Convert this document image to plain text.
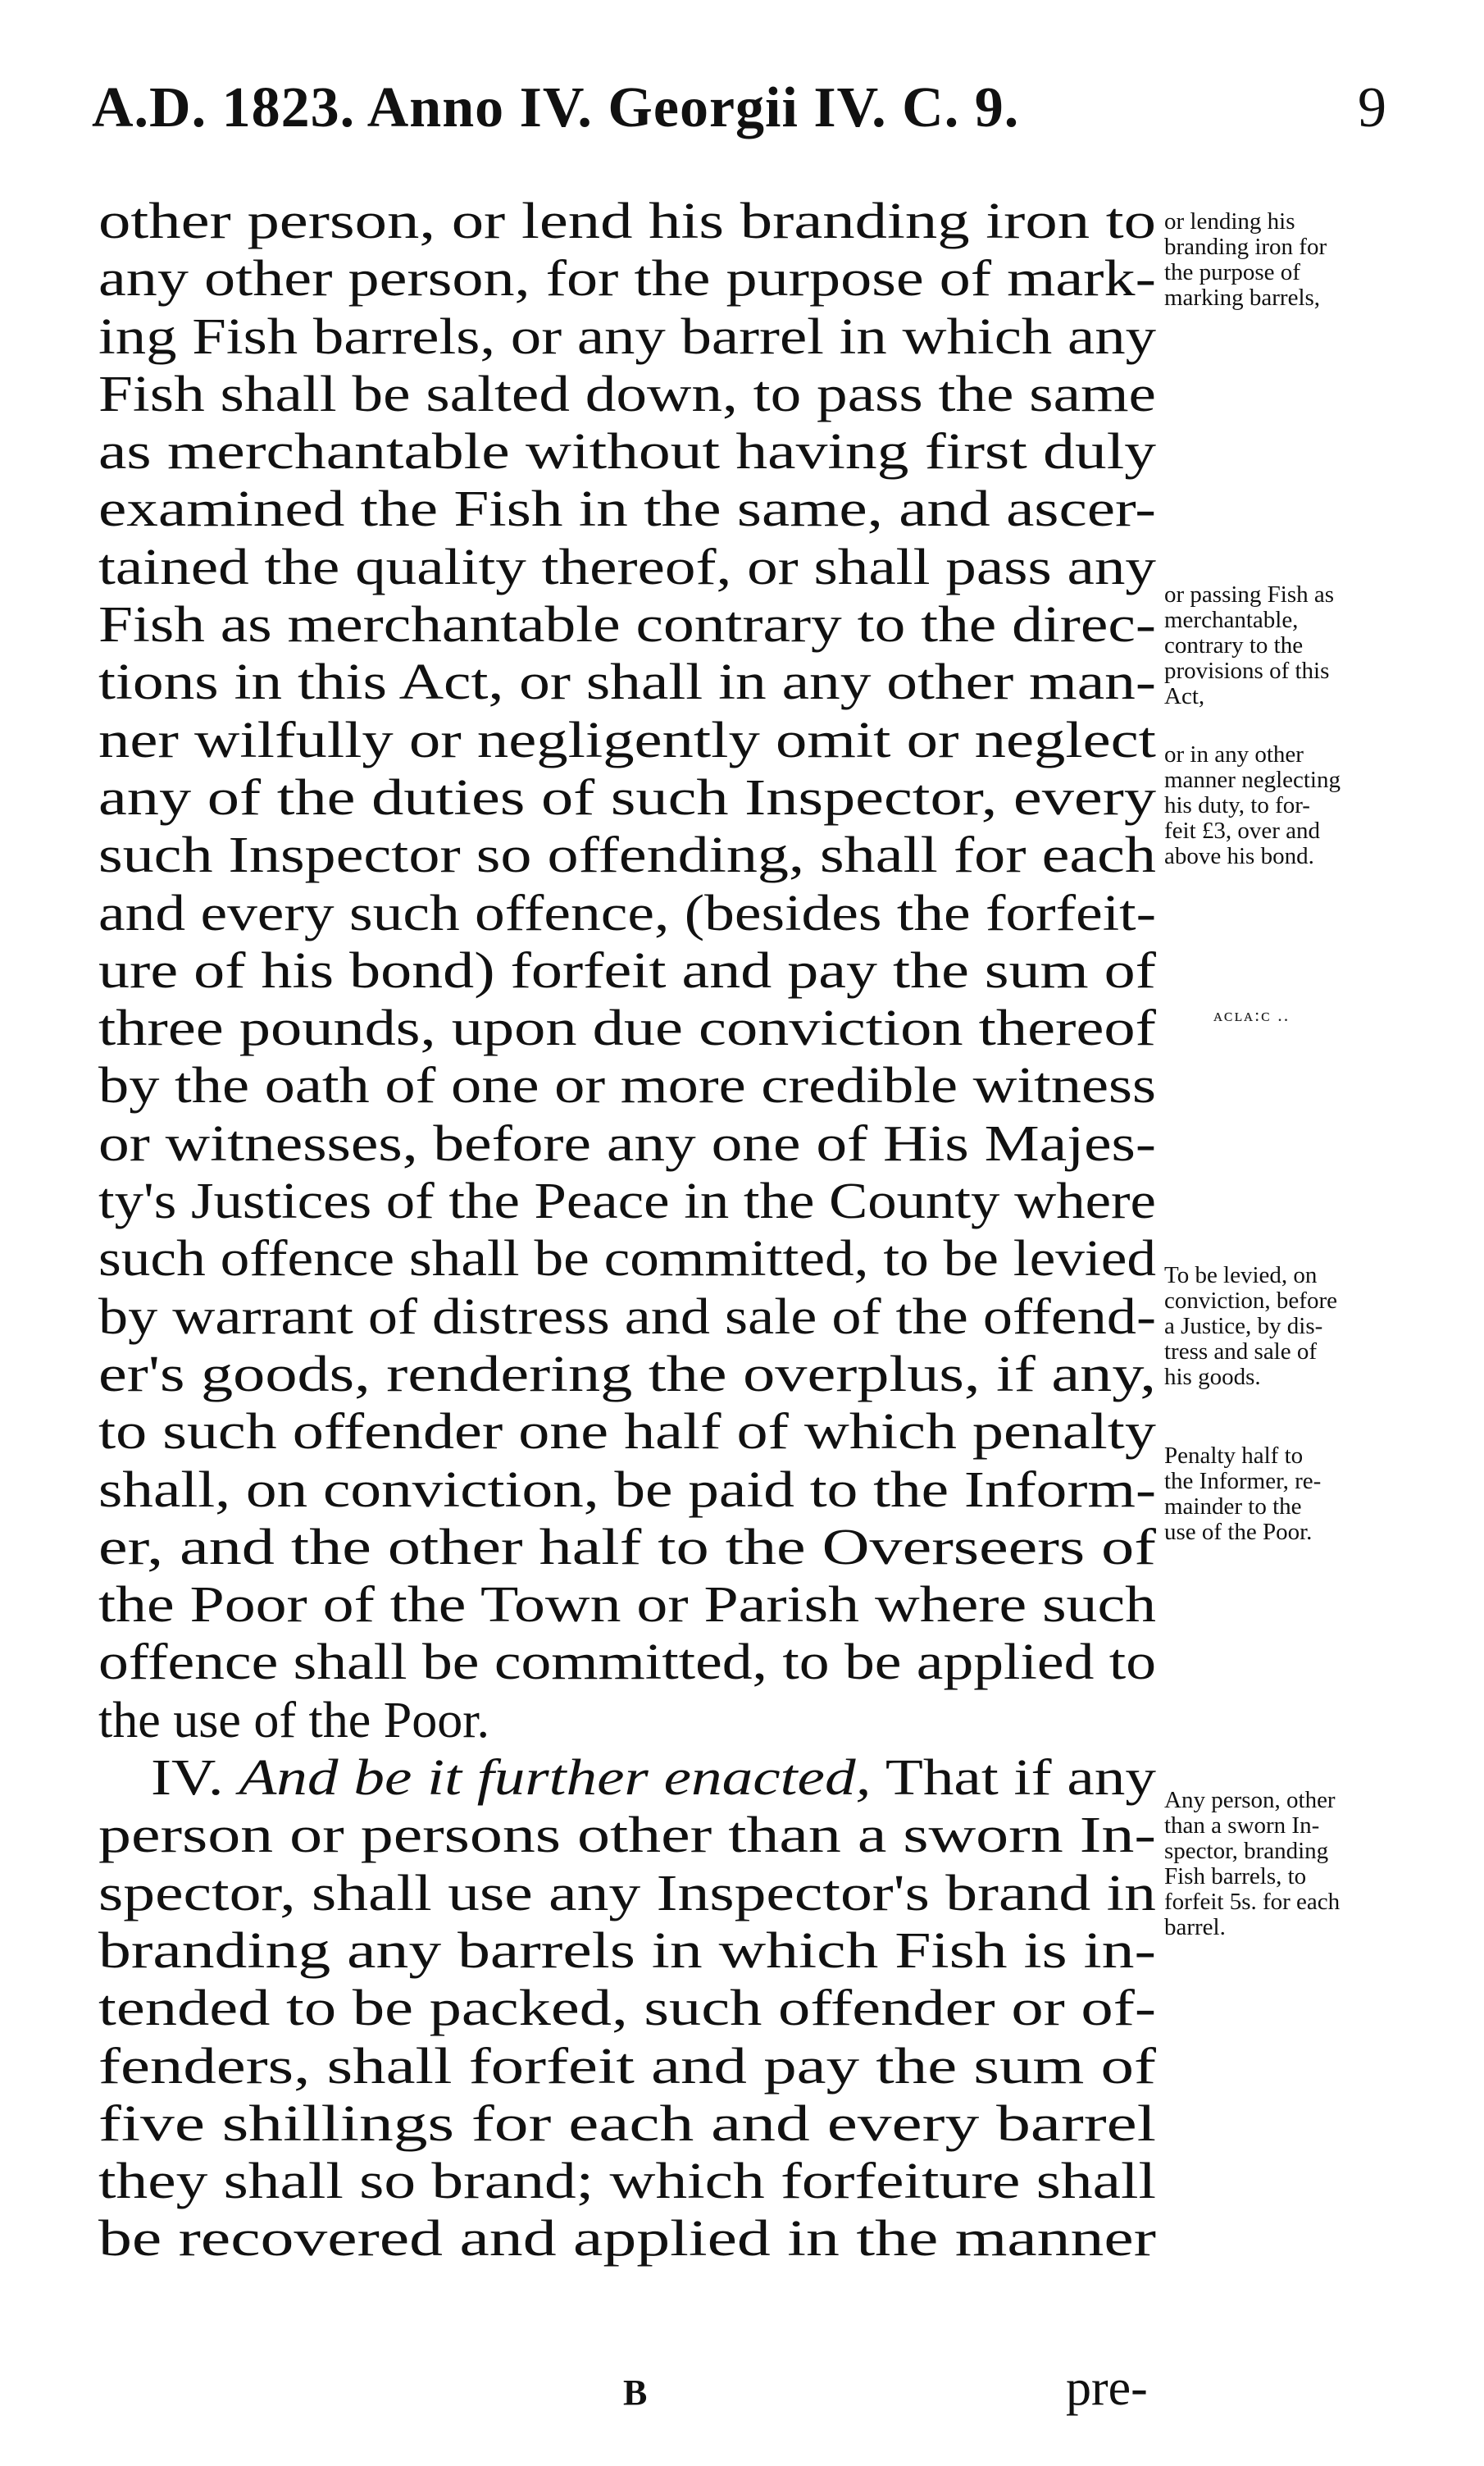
A.D. 1823. Anno IV. Georgii IV. C. 9.	9
other person, or lend his branding iron to
any other person, for the purpose of mark-
ing Fish barrels, or any barrel in which any
Fish shall be salted down, to pass the same
as merchantable without having first duly
examined the Fish in the same, and ascer-
tained the quality thereof, or shall pass any
Fish as merchantable contrary to the direc-
tions in this Act, or shall in any other man-
ner wilfully or negligently omit or neglect
any of the duties of such Inspector, every
such Inspector so offending, shall for each
and every such offence, (besides the forfeit-
ure of his bond) forfeit and pay the sum of
three pounds, upon due conviction thereof
by the oath of one or more credible witness
or witnesses, before any one of His Majes-
ty's Justices of the Peace in the County where
such offence shall be committed, to be levied
by warrant of distress and sale of the offend-
er's goods, rendering the overplus, if any,
to such offender one half of which penalty
shall, on conviction, be paid to the Inform-
er, and the other half to the Overseers of
the Poor of the Town or Parish where such
offence shall be committed, to be applied to
the use of the Poor.
IV. And be it further enacted, That if any
person or persons other than a sworn In-
spector, shall use any Inspector's brand in
branding any barrels in which Fish is in-
tended to be packed, such offender or of-
fenders, shall forfeit and pay the sum of
five shillings for each and every barrel
they shall so brand; which forfeiture shall
be recovered and applied in the manner
or lending his
branding iron for
the purpose of
marking barrels,
or passing Fish as
merchantable,
contrary to the
provisions of this
Act,
or in any other
manner neglecting
his duty, to for-
feit £3, over and
above his bond.
To be levied, on
conviction, before
a Justice, by dis-
tress and sale of
his goods.
Penalty half to
the Informer, re-
mainder to the
use of the Poor.
Any person, other
than a sworn In-
spector, branding
Fish barrels, to
forfeit 5s. for each
barrel.
ᴀᴄʟᴀ:ᴄ ..
B	pre-
